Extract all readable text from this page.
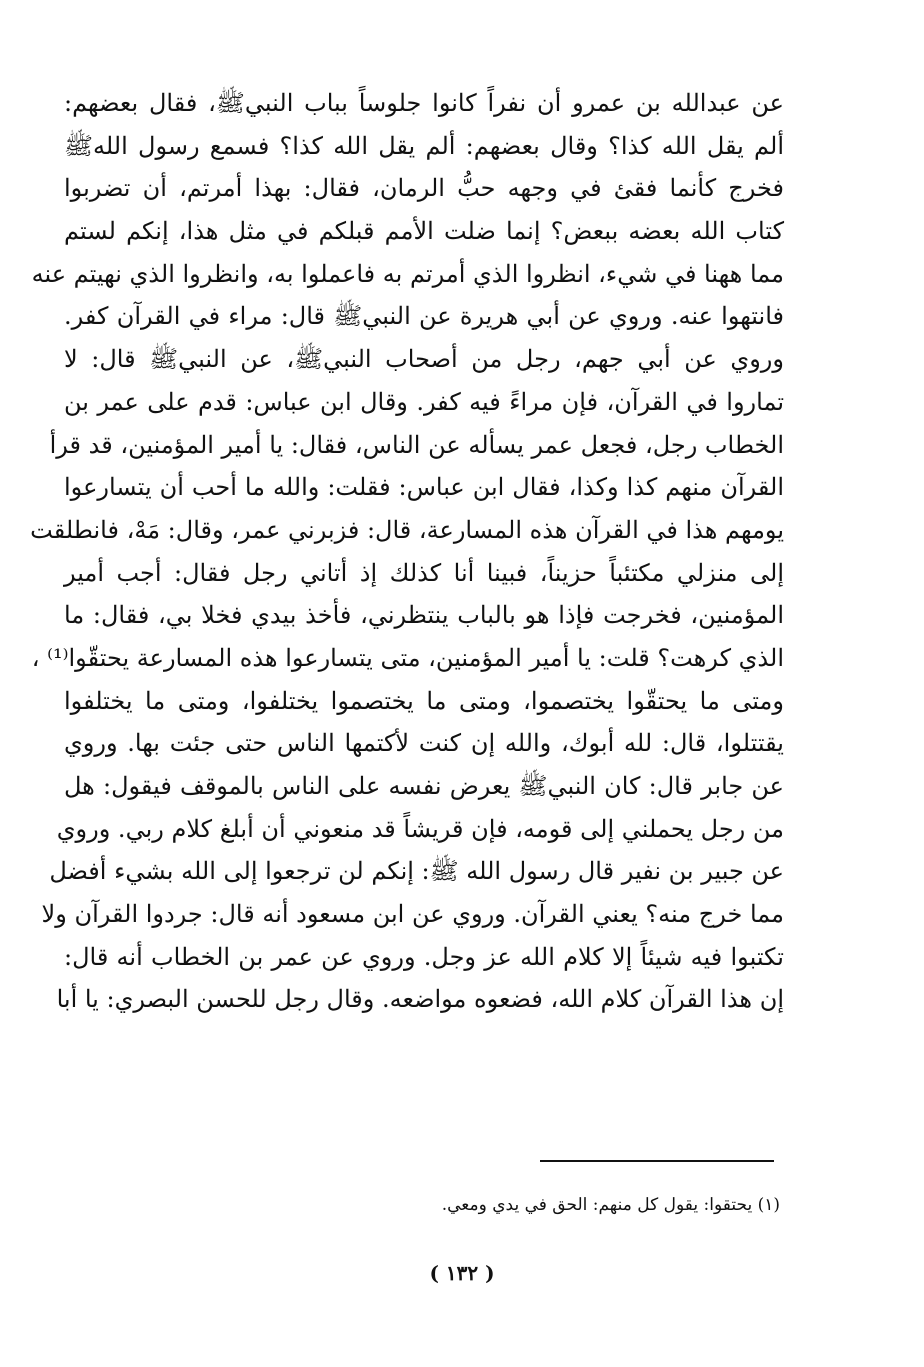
عن عبدالله بن عمرو أن نفراً كانوا جلوساً بباب النبيﷺ، فقال بعضهم:
ألم يقل الله كذا؟ وقال بعضهم: ألم يقل الله كذا؟ فسمع رسول اللهﷺ
فخرج كأنما فقئ في وجهه حبُّ الرمان، فقال: بهذا أمرتم، أن تضربوا
كتاب الله بعضه ببعض؟ إنما ضلت الأمم قبلكم في مثل هذا، إنكم لستم
مما ههنا في شيء، انظروا الذي أمرتم به فاعملوا به، وانظروا الذي نهيتم عنه
فانتهوا عنه. وروي عن أبي هريرة عن النبيﷺ قال: مراء في القرآن كفر.
وروي عن أبي جهم، رجل من أصحاب النبيﷺ، عن النبيﷺ قال: لا
تماروا في القرآن، فإن مراءً فيه كفر. وقال ابن عباس: قدم على عمر بن
الخطاب رجل، فجعل عمر يسأله عن الناس، فقال: يا أمير المؤمنين، قد قرأ
القرآن منهم كذا وكذا، فقال ابن عباس: فقلت: والله ما أحب أن يتسارعوا
يومهم هذا في القرآن هذه المسارعة، قال: فزبرني عمر، وقال: مَهْ، فانطلقت
إلى منزلي مكتئباً حزيناً، فبينا أنا كذلك إذ أتاني رجل فقال: أجب أمير
المؤمنين، فخرجت فإذا هو بالباب ينتظرني، فأخذ بيدي فخلا بي، فقال: ما
الذي كرهت؟ قلت: يا أمير المؤمنين، متى يتسارعوا هذه المسارعة يحتقّوا⁽¹⁾ ،
ومتى ما يحتقّوا يختصموا، ومتى ما يختصموا يختلفوا، ومتى ما يختلفوا
يقتتلوا، قال: لله أبوك، والله إن كنت لأكتمها الناس حتى جئت بها. وروي
عن جابر قال: كان النبيﷺ يعرض نفسه على الناس بالموقف فيقول: هل
من رجل يحملني إلى قومه، فإن قريشاً قد منعوني أن أبلغ كلام ربي. وروي
عن جبير بن نفير قال رسول الله ﷺ: إنكم لن ترجعوا إلى الله بشيء أفضل
مما خرج منه؟ يعني القرآن. وروي عن ابن مسعود أنه قال: جردوا القرآن ولا
تكتبوا فيه شيئاً إلا كلام الله عز وجل. وروي عن عمر بن الخطاب أنه قال:
إن هذا القرآن كلام الله، فضعوه مواضعه. وقال رجل للحسن البصري: يا أبا
(١) يحتقوا: يقول كل منهم: الحق في يدي ومعي.
( ١٣٢ )
